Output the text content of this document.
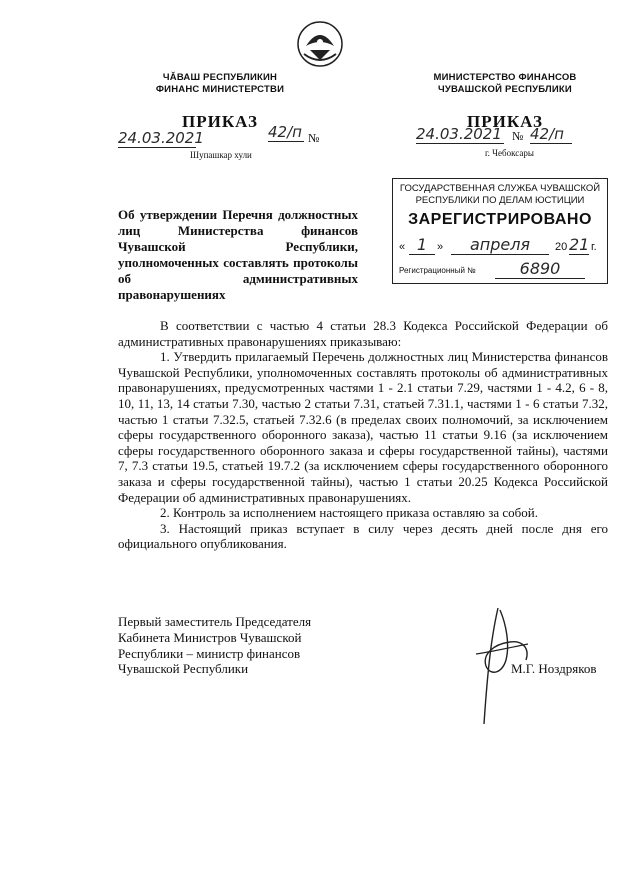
ЧӐВАШ РЕСПУБЛИКИН
ФИНАНС МИНИСТЕРСТВИ
МИНИСТЕРСТВО ФИНАНСОВ
ЧУВАШСКОЙ РЕСПУБЛИКИ
ПРИКАЗ
24.03.2021	42/п №
Шупашкар хули
ПРИКАЗ
24.03.2021 № 42/п
г. Чебоксары
Об утверждении Перечня должностных лиц Министерства финансов Чувашской Республики, уполномоченных составлять протоколы об административных правонарушениях
ГОСУДАРСТВЕННАЯ СЛУЖБА ЧУВАШСКОЙ
РЕСПУБЛИКИ ПО ДЕЛАМ ЮСТИЦИИ
ЗАРЕГИСТРИРОВАНО
« 1 »	апреля	20 21 г.
Регистрационный №	6890

В соответствии с частью 4 статьи 28.3 Кодекса Российской Федерации об административных правонарушениях приказываю:

1. Утвердить прилагаемый Перечень должностных лиц Министерства финансов Чувашской Республики, уполномоченных составлять протоколы об административных правонарушениях, предусмотренных частями 1 - 2.1 статьи 7.29, частями 1 - 4.2, 6 - 8, 10, 11, 13, 14 статьи 7.30, частью 2 статьи 7.31, статьей 7.31.1, частями 1 - 6 статьи 7.32, частью 1 статьи 7.32.5, статьей 7.32.6 (в пределах своих полномочий, за исключением сферы государственного оборонного заказа), частью 11 статьи 9.16 (за исключением сферы государственного оборонного заказа и сферы государственной тайны), частями 7, 7.3 статьи 19.5, статьей 19.7.2 (за исключением сферы государственного оборонного заказа и сферы государственной тайны), частью 1 статьи 20.25 Кодекса Российской Федерации об административных правонарушениях.

2. Контроль за исполнением настоящего приказа оставляю за собой.

3. Настоящий приказ вступает в силу через десять дней после дня его официального опубликования.

Первый заместитель Председателя
Кабинета Министров Чувашской
Республики – министр финансов
Чувашской Республики	М.Г. Ноздряков
